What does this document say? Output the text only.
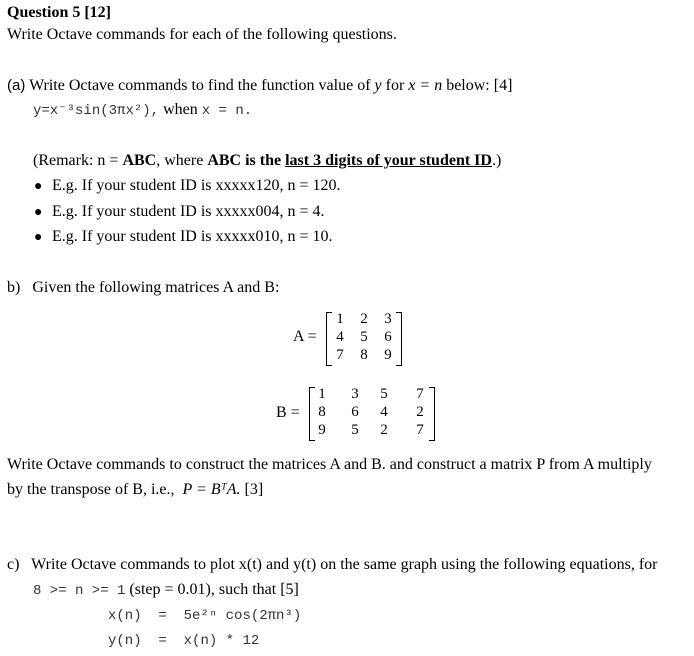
Question 5 [12]
Write Octave commands for each of the following questions.
(a) Write Octave commands to find the function value of y for x = n below: [4]
y=x⁻³sin(3πx²), when x = n.
(Remark: n = ABC, where ABC is the last 3 digits of your student ID.)
● E.g. If your student ID is xxxxx120, n = 120.
● E.g. If your student ID is xxxxx004, n = 4.
● E.g. If your student ID is xxxxx010, n = 10.
b) Given the following matrices A and B:
A =
1 2 3
4 5 6
7 8 9
B =
1 3 5 7
8 6 4 2
9 5 2 7
Write Octave commands to construct the matrices A and B. and construct a matrix P from A multiply
by the transpose of B, i.e., P = BᵀA. [3]
c) Write Octave commands to plot x(t) and y(t) on the same graph using the following equations, for
8 >= n >= 1 (step = 0.01), such that [5]
x(n) = 5e²ⁿ cos(2πn³)
y(n) = x(n) * 12
